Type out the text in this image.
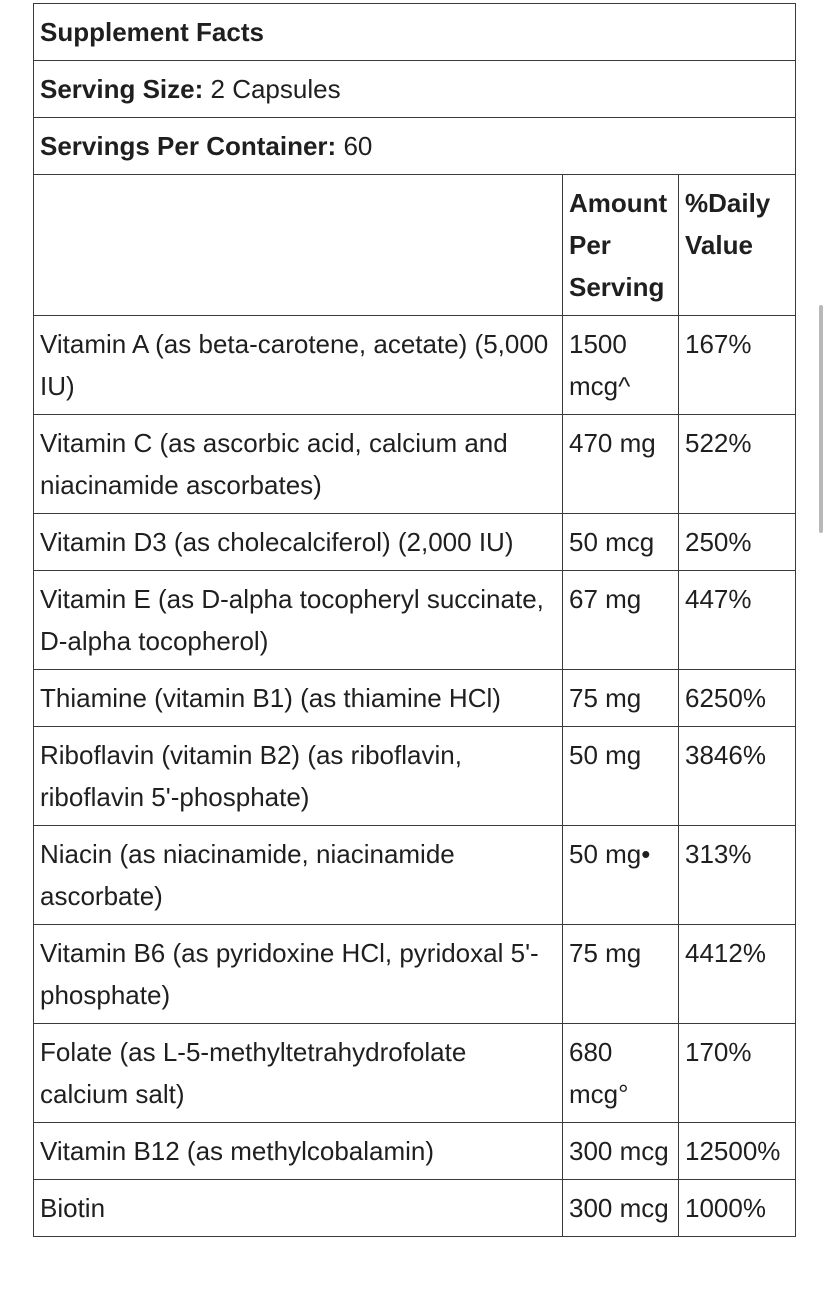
Supplement Facts		
Serving Size: 2 Capsules		
Servings Per Container: 60		
	Amount Per Serving	%Daily Value
Vitamin A (as beta-carotene, acetate) (5,000 IU)	1500 mcg^	167%
Vitamin C (as ascorbic acid, calcium and niacinamide ascorbates)	470 mg	522%
Vitamin D3 (as cholecalciferol) (2,000 IU)	50 mcg	250%
Vitamin E (as D-alpha tocopheryl succinate, D-alpha tocopherol)	67 mg	447%
Thiamine (vitamin B1) (as thiamine HCl)	75 mg	6250%
Riboflavin (vitamin B2) (as riboflavin, riboflavin 5'-phosphate)	50 mg	3846%
Niacin (as niacinamide, niacinamide ascorbate)	50 mg•	313%
Vitamin B6 (as pyridoxine HCl, pyridoxal 5'-phosphate)	75 mg	4412%
Folate (as L-5-methyltetrahydrofolate calcium salt)	680 mcg°	170%
Vitamin B12 (as methylcobalamin)	300 mcg	12500%
Biotin	300 mcg	1000%
